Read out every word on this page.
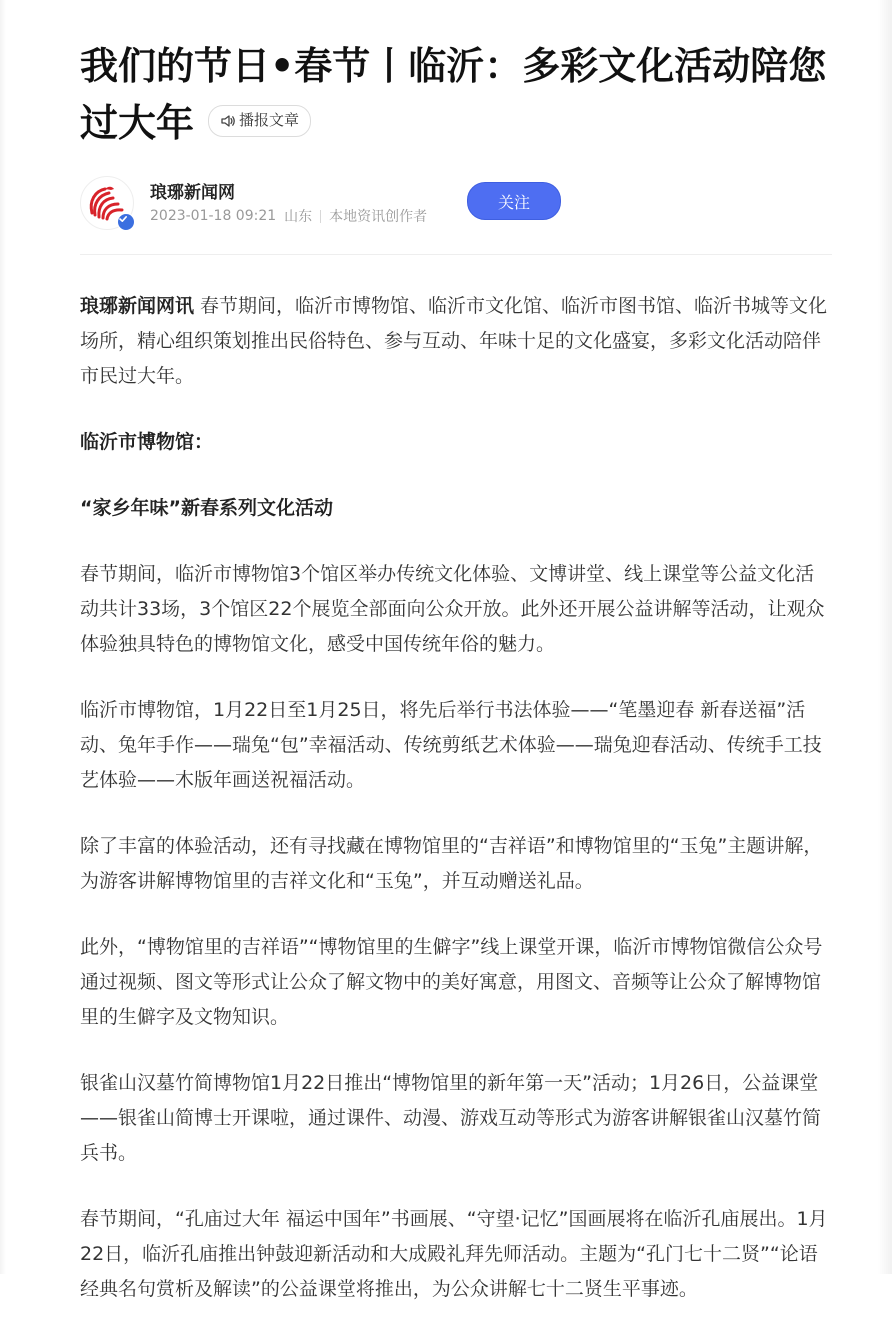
我们的节日•春节丨临沂：多彩文化活动陪您过大年	播报文章
琅琊新闻网
2023-01-18 09:21 山东 本地资讯创作者
关注

琅琊新闻网讯 春节期间，临沂市博物馆、临沂市文化馆、临沂市图书馆、临沂书城等文化场所，精心组织策划推出民俗特色、参与互动、年味十足的文化盛宴，多彩文化活动陪伴市民过大年。

临沂市博物馆：

“家乡年味”新春系列文化活动

春节期间，临沂市博物馆3个馆区举办传统文化体验、文博讲堂、线上课堂等公益文化活动共计33场，3个馆区22个展览全部面向公众开放。此外还开展公益讲解等活动，让观众体验独具特色的博物馆文化，感受中国传统年俗的魅力。

临沂市博物馆，1月22日至1月25日，将先后举行书法体验——“笔墨迎春 新春送福”活动、兔年手作——瑞兔“包”幸福活动、传统剪纸艺术体验——瑞兔迎春活动、传统手工技艺体验——木版年画送祝福活动。

除了丰富的体验活动，还有寻找藏在博物馆里的“吉祥语”和博物馆里的“玉兔”主题讲解，为游客讲解博物馆里的吉祥文化和“玉兔”，并互动赠送礼品。

此外，“博物馆里的吉祥语”“博物馆里的生僻字”线上课堂开课，临沂市博物馆微信公众号通过视频、图文等形式让公众了解文物中的美好寓意，用图文、音频等让公众了解博物馆里的生僻字及文物知识。

银雀山汉墓竹简博物馆1月22日推出“博物馆里的新年第一天”活动；1月26日，公益课堂——银雀山简博士开课啦，通过课件、动漫、游戏互动等形式为游客讲解银雀山汉墓竹简兵书。

春节期间，“孔庙过大年 福运中国年”书画展、“守望·记忆”国画展将在临沂孔庙展出。1月22日，临沂孔庙推出钟鼓迎新活动和大成殿礼拜先师活动。主题为“孔门七十二贤”“论语经典名句赏析及解读”的公益课堂将推出，为公众讲解七十二贤生平事迹。
